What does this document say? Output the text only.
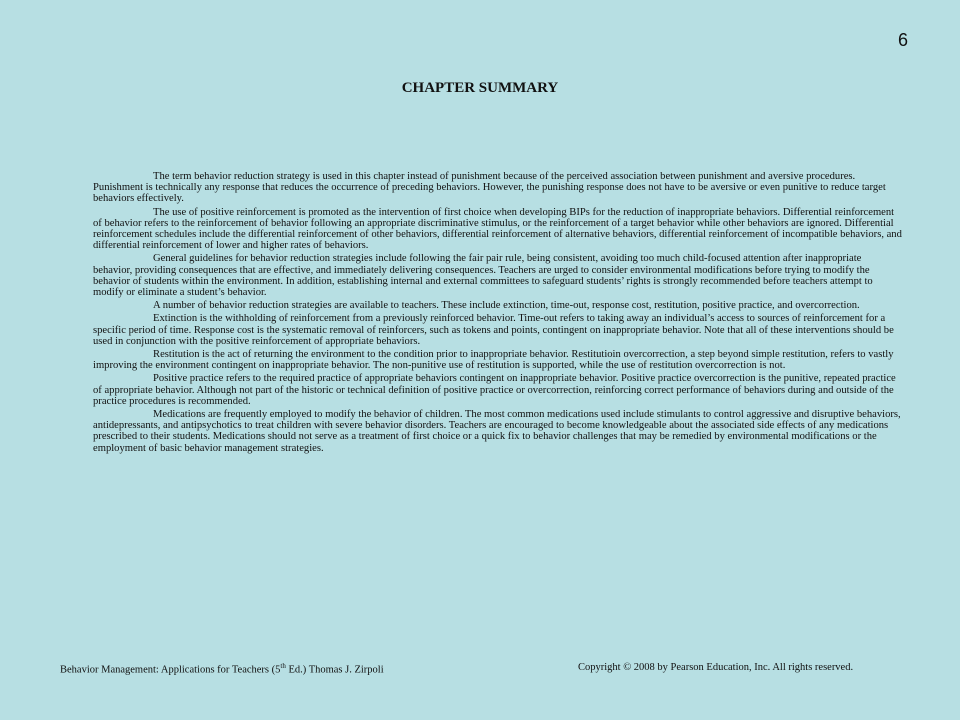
6
CHAPTER SUMMARY

The term behavior reduction strategy is used in this chapter instead of punishment because of the perceived association between punishment and aversive procedures. Punishment is technically any response that reduces the occurrence of preceding behaviors. However, the punishing response does not have to be aversive or even punitive to reduce target behaviors effectively.

The use of positive reinforcement is promoted as the intervention of first choice when developing BIPs for the reduction of inappropriate behaviors. Differential reinforcement of behavior refers to the reinforcement of behavior following an appropriate discriminative stimulus, or the reinforcement of a target behavior while other behaviors are ignored. Differential reinforcement schedules include the differential reinforcement of other behaviors, differential reinforcement of alternative behaviors, differential reinforcement of incompatible behaviors, and differential reinforcement of lower and higher rates of behaviors.

General guidelines for behavior reduction strategies include following the fair pair rule, being consistent, avoiding too much child-focused attention after inappropriate behavior, providing consequences that are effective, and immediately delivering consequences. Teachers are urged to consider environmental modifications before trying to modify the behavior of students within the environment. In addition, establishing internal and external committees to safeguard students’ rights is strongly recommended before teachers attempt to modify or eliminate a student’s behavior.

A number of behavior reduction strategies are available to teachers. These include extinction, time-out, response cost, restitution, positive practice, and overcorrection.

Extinction is the withholding of reinforcement from a previously reinforced behavior. Time-out refers to taking away an individual’s access to sources of reinforcement for a specific period of time. Response cost is the systematic removal of reinforcers, such as tokens and points, contingent on inappropriate behavior. Note that all of these interventions should be used in conjunction with the positive reinforcement of appropriate behaviors.

Restitution is the act of returning the environment to the condition prior to inappropriate behavior. Restitutioin overcorrection, a step beyond simple restitution, refers to vastly improving the environment contingent on inappropriate behavior. The non-punitive use of restitution is supported, while the use of restitution overcorrection is not.

Positive practice refers to the required practice of appropriate behaviors contingent on inappropriate behavior. Positive practice overcorrection is the punitive, repeated practice of appropriate behavior. Although not part of the historic or technical definition of positive practice or overcorrection, reinforcing correct performance of behaviors during and outside of the practice procedures is recommended.

Medications are frequently employed to modify the behavior of children. The most common medications used include stimulants to control aggressive and disruptive behaviors, antidepressants, and antipsychotics to treat children with severe behavior disorders. Teachers are encouraged to become knowledgeable about the associated side effects of any medications prescribed to their students. Medications should not serve as a treatment of first choice or a quick fix to behavior challenges that may be remedied by environmental modifications or the employment of basic behavior management strategies.

Behavior Management: Applications for Teachers (5th Ed.) Thomas J. Zirpoli	Copyright © 2008 by Pearson Education, Inc. All rights reserved.
